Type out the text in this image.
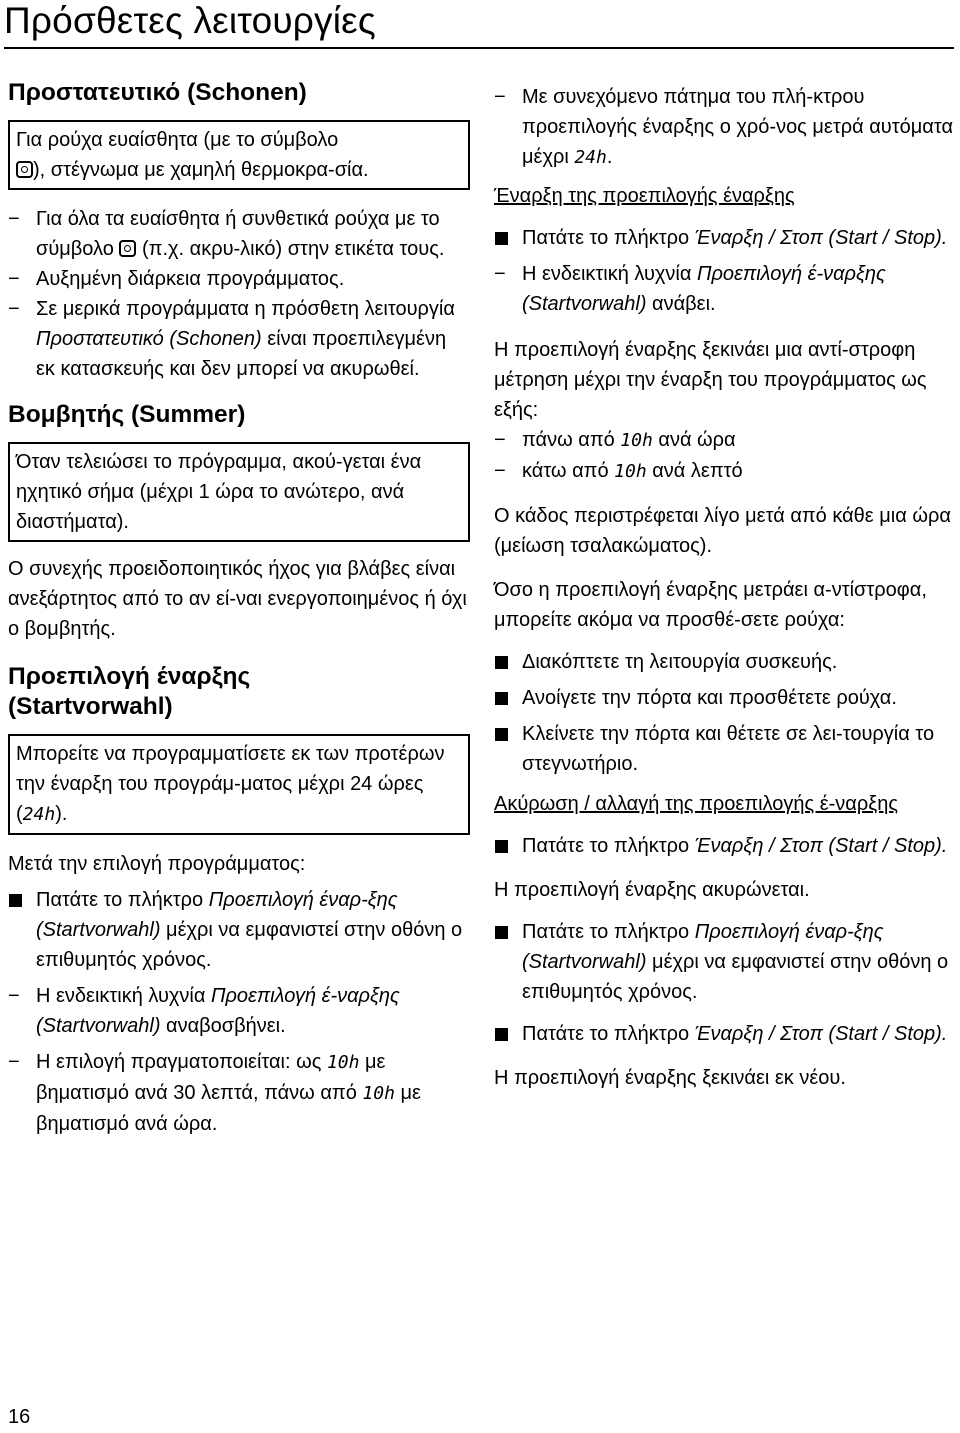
Πρόσθετες λειτουργίες
Προστατευτικό (Schonen)
Για ρούχα ευαίσθητα (με το σύμβολο
), στέγνωμα με χαμηλή θερμοκρα-σία.
− Για όλα τα ευαίσθητα ή συνθετικά ρούχα με το σύμβολο (π.χ. ακρυ-λικό) στην ετικέτα τους.
− Αυξημένη διάρκεια προγράμματος.
− Σε μερικά προγράμματα η πρόσθετη λειτουργία Προστατευτικό (Schonen) είναι προεπιλεγμένη εκ κατασκευής και δεν μπορεί να ακυρωθεί.
Βομβητής (Summer)
Όταν τελειώσει το πρόγραμμα, ακού-γεται ένα ηχητικό σήμα (μέχρι 1 ώρα το ανώτερο, ανά διαστήματα).

Ο συνεχής προειδοποιητικός ήχος για βλάβες είναι ανεξάρτητος από το αν εί-ναι ενεργοποιημένος ή όχι ο βομβητής.

Προεπιλογή έναρξης
(Startvorwahl)
Μπορείτε να προγραμματίσετε εκ των προτέρων την έναρξη του προγράμ-ματος μέχρι 24 ώρες (24h).

Μετά την επιλογή προγράμματος:

Πατάτε το πλήκτρο Προεπιλογή έναρ-ξης (Startvorwahl) μέχρι να εμφανιστεί στην οθόνη ο επιθυμητός χρόνος.
− Η ενδεικτική λυχνία Προεπιλογή έ-ναρξης (Startvorwahl) αναβοσβήνει.
− Η επιλογή πραγματοποιείται: ως 10h με βηματισμό ανά 30 λεπτά, πάνω από 10h με βηματισμό ανά ώρα.
− Με συνεχόμενο πάτημα του πλή-κτρου προεπιλογής έναρξης ο χρό-νος μετρά αυτόματα μέχρι 24h.

Έναρξη της προεπιλογής έναρξης

Πατάτε το πλήκτρο Έναρξη / Στοπ (Start / Stop).
− Η ενδεικτική λυχνία Προεπιλογή έ-ναρξης (Startvorwahl) ανάβει.

Η προεπιλογή έναρξης ξεκινάει μια αντί-στροφη μέτρηση μέχρι την έναρξη του προγράμματος ως εξής:

− πάνω από 10h ανά ώρα
− κάτω από 10h ανά λεπτό

Ο κάδος περιστρέφεται λίγο μετά από κάθε μια ώρα (μείωση τσαλακώματος).

Όσο η προεπιλογή έναρξης μετράει α-ντίστροφα, μπορείτε ακόμα να προσθέ-σετε ρούχα:

Διακόπτετε τη λειτουργία συσκευής.
Ανοίγετε την πόρτα και προσθέτετε ρούχα.
Κλείνετε την πόρτα και θέτετε σε λει-τουργία το στεγνωτήριο.

Ακύρωση / αλλαγή της προεπιλογής έ-ναρξης

Πατάτε το πλήκτρο Έναρξη / Στοπ (Start / Stop).

Η προεπιλογή έναρξης ακυρώνεται.

Πατάτε το πλήκτρο Προεπιλογή έναρ-ξης (Startvorwahl) μέχρι να εμφανιστεί στην οθόνη ο επιθυμητός χρόνος.
Πατάτε το πλήκτρο Έναρξη / Στοπ (Start / Stop).

Η προεπιλογή έναρξης ξεκινάει εκ νέου.

16
